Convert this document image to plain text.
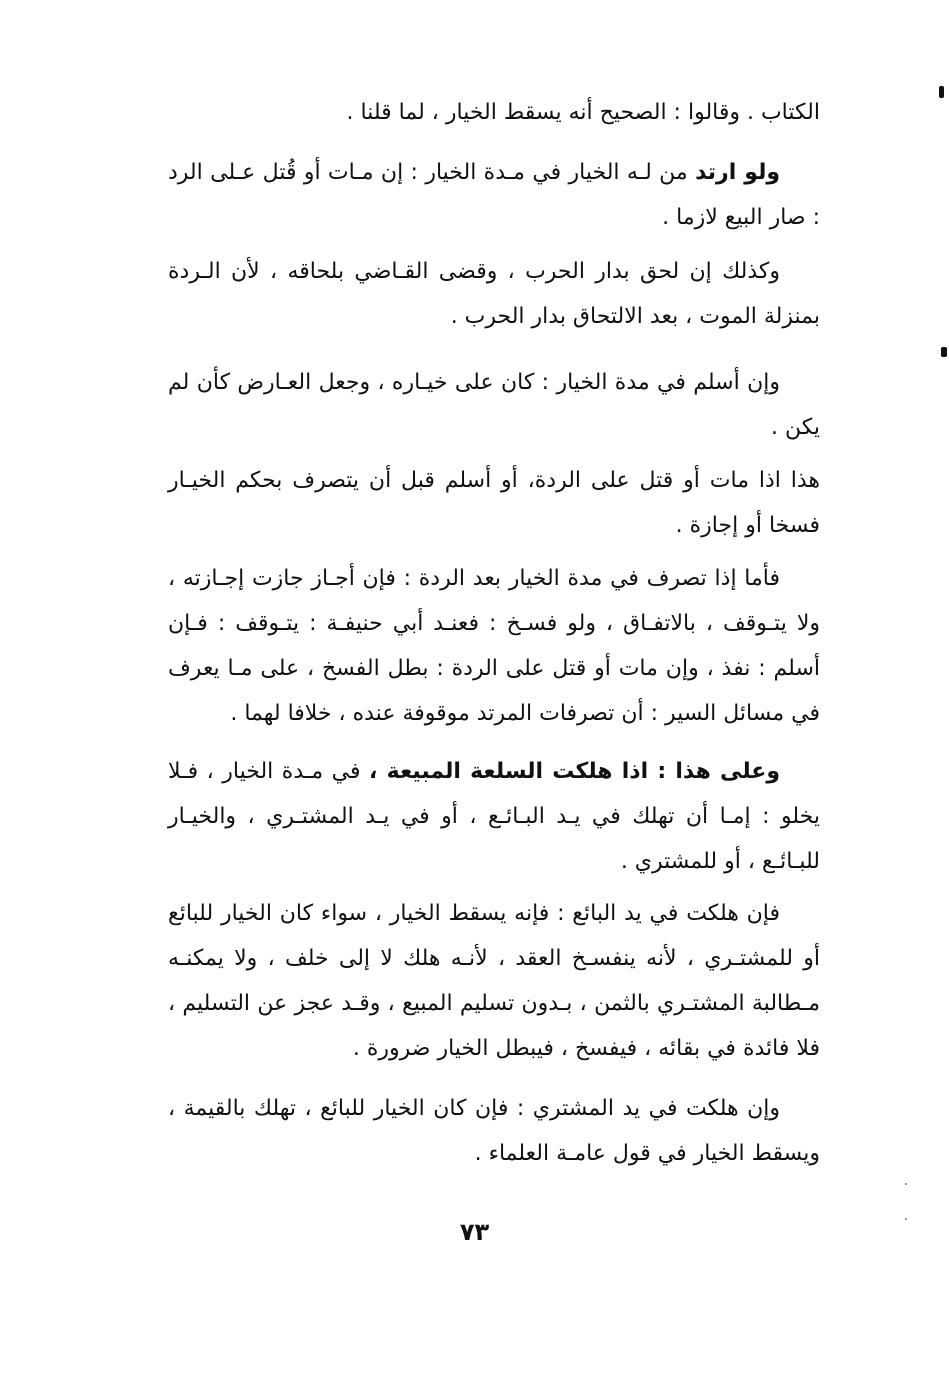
الكتاب . وقالوا : الصحيح أنه يسقط الخيار ، لما قلنا .

ولو ارتد من لـه الخيار في مـدة الخيار : إن مـات أو قُتل عـلى الرد : صار البيع لازما .

وكذلك إن لحق بدار الحرب ، وقضى القـاضي بلحاقه ، لأن الـردة بمنزلة الموت ، بعد الالتحاق بدار الحرب .

وإن أسلم في مدة الخيار : كان على خيـاره ، وجعل العـارض كأن لم يكن .

هذا اذا مات أو قتل على الردة، أو أسلم قبل أن يتصرف بحكم الخيـار فسخا أو إجازة .

فأما إذا تصرف في مدة الخيار بعد الردة : فإن أجـاز جازت إجـازته ، ولا يتـوقف ، بالاتفـاق ، ولو فسـخ : فعنـد أبي حنيفـة : يتـوقف : فـإن أسلم : نفذ ، وإن مات أو قتل على الردة : بطل الفسخ ، على مـا يعرف في مسائل السير : أن تصرفات المرتد موقوفة عنده ، خلافا لهما .

وعلى هذا : اذا هلكت السلعة المبيعة ، في مـدة الخيار ، فـلا يخلو : إمـا أن تهلك في يـد البـائـع ، أو في يـد المشتـري ، والخيـار للبـائـع ، أو للمشتري .

فإن هلكت في يد البائع : فإنه يسقط الخيار ، سواء كان الخيار للبائع أو للمشتـري ، لأنه ينفسـخ العقد ، لأنـه هلك لا إلى خلف ، ولا يمكنـه مـطالبة المشتـري بالثمن ، بـدون تسليم المبيع ، وقـد عجز عن التسليم ، فلا فائدة في بقائه ، فيفسخ ، فيبطل الخيار ضرورة .

وإن هلكت في يد المشتري : فإن كان الخيار للبائع ، تهلك بالقيمة ، ويسقط الخيار في قول عامـة العلماء .

٧٣
